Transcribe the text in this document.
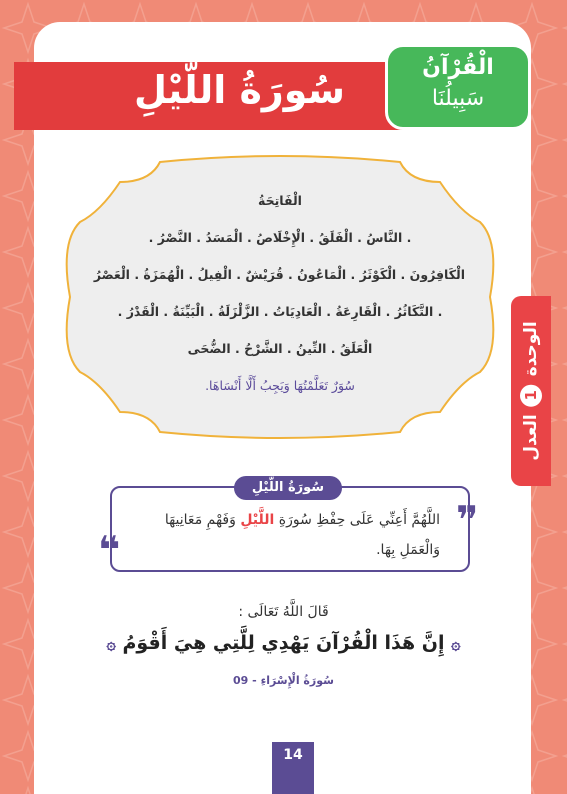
سُورَةُ اللَّيْلِ
الْقُرْآنُ
سَبِيلُنَا
الوحدة
1
العدل
الْفَاتِحَةُ
. النَّاسُ . الْفَلَقُ . الْإِخْلَاصُ . الْمَسَدُ . النَّصْرُ .
الْكَافِرُونَ . الْكَوْثَرُ . الْمَاعُونُ . قُرَيْشٌ . الْفِيلُ . الْهُمَزَةُ . الْعَصْرُ
. التَّكَاثُرُ . الْقَارِعَةُ . الْعَادِيَاتُ . الزَّلْزَلَةُ . الْبَيِّنَةُ . الْقَدْرُ .
الْعَلَقُ . التِّينُ . الشَّرْحُ . الضُّحَى
سُوَرٌ تَعَلَّمْتُهَا وَيَجِبُ أَلَّا أَنْسَاهَا.
سُورَةُ اللَّيْلِ
❞
❝
اللَّهُمَّ أَعِنِّي عَلَى حِفْظِ سُورَةِ اللَّيْلِ وَفَهْمِ مَعَانِيهَا وَالْعَمَلِ بِهَا.
قَالَ اللَّهُ تَعَالَى :
۞ إِنَّ هَذَا الْقُرْآنَ يَهْدِي لِلَّتِي هِيَ أَقْوَمُ ۞
سُورَةُ الْإِسْرَاءِ - 09
14
